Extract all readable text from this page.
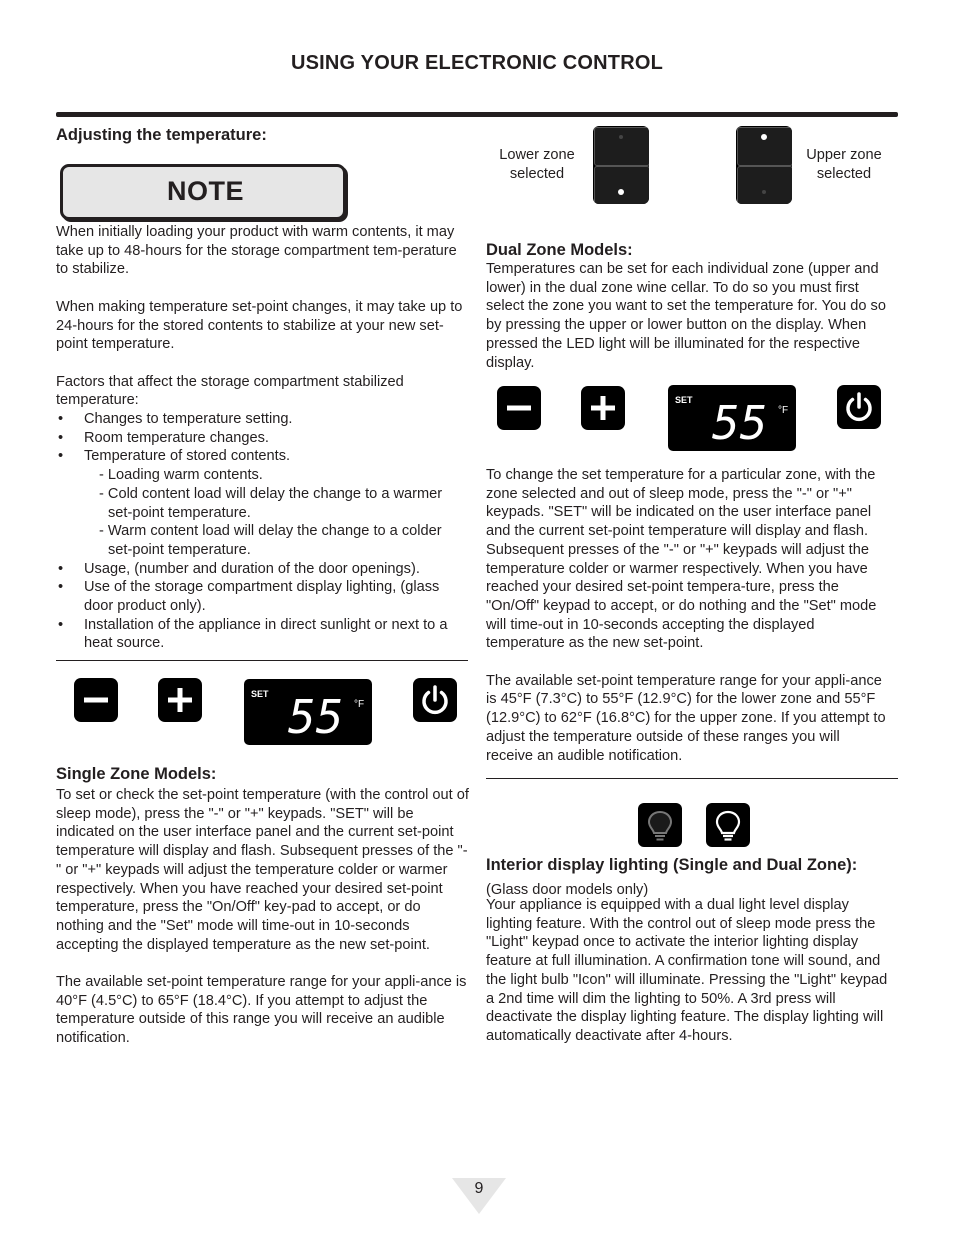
USING YOUR ELECTRONIC CONTROL
Adjusting the temperature:
NOTE

When initially loading your product with warm contents, it may take up to 48-hours for the storage compartment tem-perature to stabilize.

When making temperature set-point changes, it may take up to 24-hours for the stored contents to stabilize at your new set-point temperature.

Factors that affect the storage compartment stabilized temperature:

• Changes to temperature setting.
• Room temperature changes.
• Temperature of stored contents.
- Loading warm contents.
- Cold content load will delay the change to a warmer set-point temperature.
- Warm content load will delay the change to a colder set-point temperature.
• Usage, (number and duration of the door openings).
• Use of the storage compartment display lighting, (glass door product only).
• Installation of the appliance in direct sunlight or next to a heat source.
SET 55 °F
Single Zone Models:

To set or check the set-point temperature (with the control out of sleep mode), press the "-" or "+" keypads. "SET" will be indicated on the user interface panel and the current set-point temperature will display and flash. Subsequent presses of the "-" or "+" keypads will adjust the temperature colder or warmer respectively. When you have reached your desired set-point temperature, press the "On/Off" key-pad to accept, or do nothing and the "Set" mode will time-out in 10-seconds accepting the displayed temperature as the new set-point.

The available set-point temperature range for your appli-ance is 40°F (4.5°C) to 65°F (18.4°C). If you attempt to adjust the temperature outside of this range you will receive an audible notification.

Lower zone selected
Upper zone selected
Dual Zone Models:

Temperatures can be set for each individual zone (upper and lower) in the dual zone wine cellar. To do so you must first select the zone you want to set the temperature for. You do so by pressing the upper or lower button on the display. When pressed the LED light will be illuminated for the respective display.

SET 55 °F

To change the set temperature for a particular zone, with the zone selected and out of sleep mode, press the "-" or "+" keypads. "SET" will be indicated on the user interface panel and the current set-point temperature will display and flash. Subsequent presses of the "-" or "+" keypads will adjust the temperature colder or warmer respectively. When you have reached your desired set-point tempera-ture, press the "On/Off" keypad to accept, or do nothing and the "Set" mode will time-out in 10-seconds accepting the displayed temperature as the new set-point.

The available set-point temperature range for your appli-ance is 45°F (7.3°C) to 55°F (12.9°C) for the lower zone and 55°F (12.9°C) to 62°F (16.8°C) for the upper zone. If you attempt to adjust the temperature outside of these ranges you will receive an audible notification.

Interior display lighting (Single and Dual Zone): (Glass door models only)

Your appliance is equipped with a dual light level display lighting feature. With the control out of sleep mode press the "Light" keypad once to activate the interior lighting display feature at full illumination. A confirmation tone will sound, and the light bulb "Icon" will illuminate. Pressing the "Light" keypad a 2nd time will dim the lighting to 50%. A 3rd press will deactivate the display lighting feature. The display lighting will automatically deactivate after 4-hours.

9
